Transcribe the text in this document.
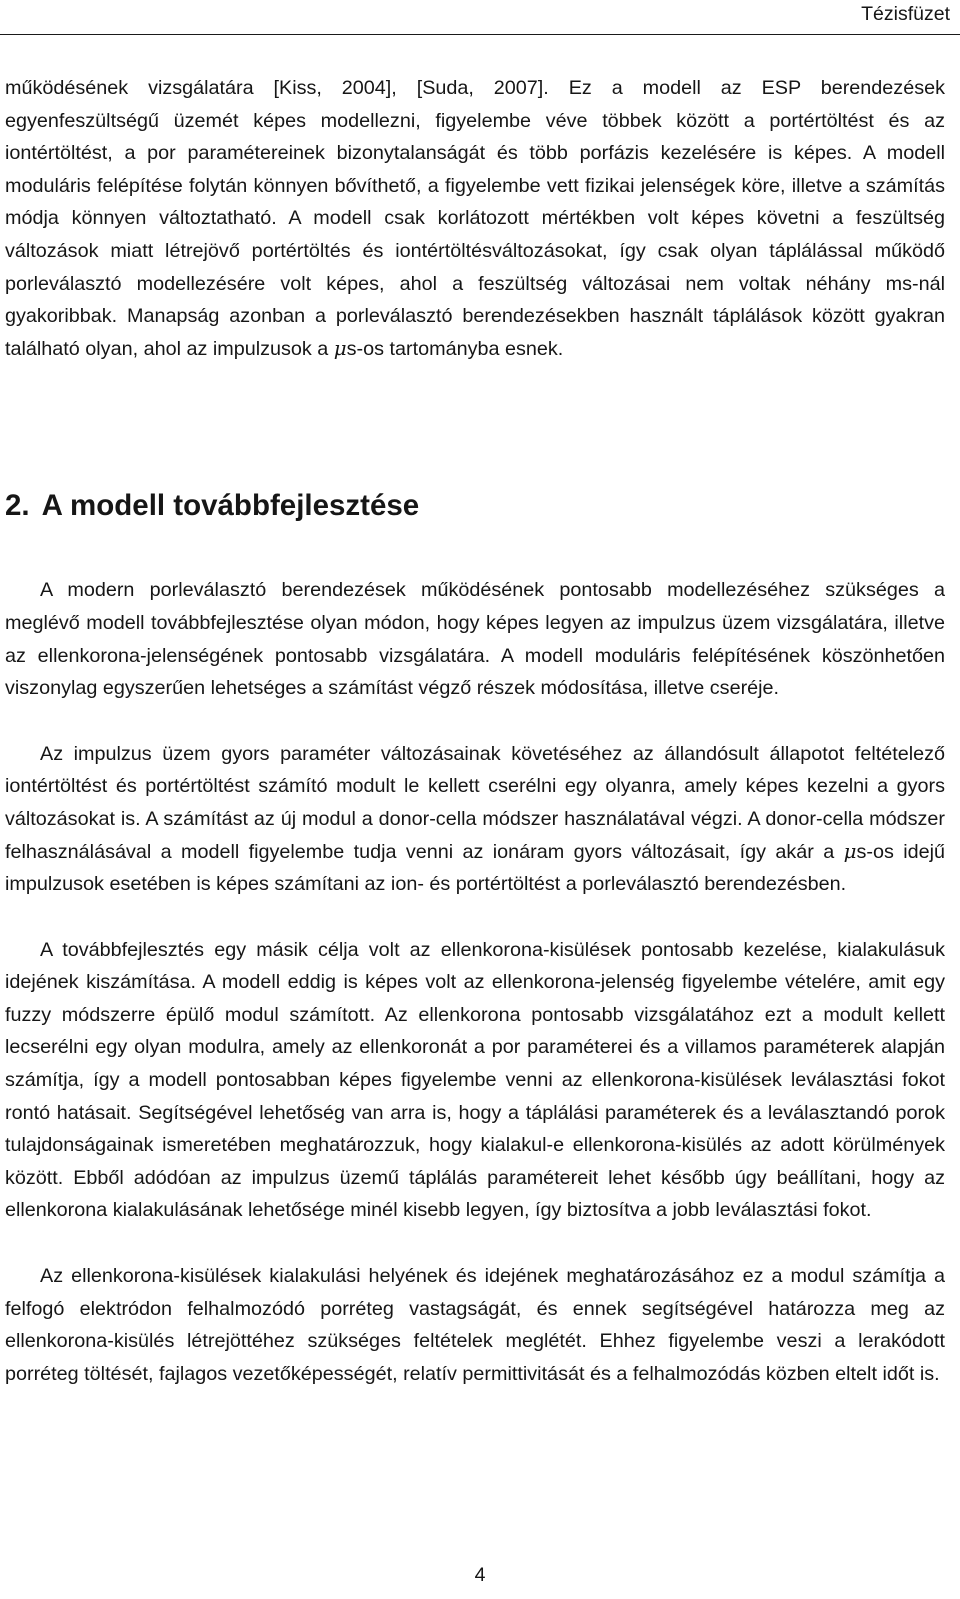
Tézisfüzet

működésének vizsgálatára [Kiss, 2004], [Suda, 2007]. Ez a modell az ESP berendezések egyenfeszültségű üzemét képes modellezni, figyelembe véve többek között a portértöltést és az iontértöltést, a por paramétereinek bizonytalanságát és több porfázis kezelésére is képes. A modell moduláris felépítése folytán könnyen bővíthető, a figyelembe vett fizikai jelenségek köre, illetve a számítás módja könnyen változtatható. A modell csak korlátozott mértékben volt képes követni a feszültség változások miatt létrejövő portértöltés és iontértöltésváltozásokat, így csak olyan táplálással működő porleválasztó modellezésére volt képes, ahol a feszültség változásai nem voltak néhány ms-nál gyakoribbak. Manapság azonban a porleválasztó berendezésekben használt táplálások között gyakran található olyan, ahol az impulzusok a μs-os tartományba esnek.

2. A modell továbbfejlesztése

A modern porleválasztó berendezések működésének pontosabb modellezéséhez szükséges a meglévő modell továbbfejlesztése olyan módon, hogy képes legyen az impulzus üzem vizsgálatára, illetve az ellenkorona-jelenségének pontosabb vizsgálatára. A modell moduláris felépítésének köszönhetően viszonylag egyszerűen lehetséges a számítást végző részek módosítása, illetve cseréje.

Az impulzus üzem gyors paraméter változásainak követéséhez az állandósult állapotot feltételező iontértöltést és portértöltést számító modult le kellett cserélni egy olyanra, amely képes kezelni a gyors változásokat is. A számítást az új modul a donor-cella módszer használatával végzi. A donor-cella módszer felhasználásával a modell figyelembe tudja venni az ionáram gyors változásait, így akár a μs-os idejű impulzusok esetében is képes számítani az ion- és portértöltést a porleválasztó berendezésben.

A továbbfejlesztés egy másik célja volt az ellenkorona-kisülések pontosabb kezelése, kialakulásuk idejének kiszámítása. A modell eddig is képes volt az ellenkorona-jelenség figyelembe vételére, amit egy fuzzy módszerre épülő modul számított. Az ellenkorona pontosabb vizsgálatához ezt a modult kellett lecserélni egy olyan modulra, amely az ellenkoronát a por paraméterei és a villamos paraméterek alapján számítja, így a modell pontosabban képes figyelembe venni az ellenkorona-kisülések leválasztási fokot rontó hatásait. Segítségével lehetőség van arra is, hogy a táplálási paraméterek és a leválasztandó porok tulajdonságainak ismeretében meghatározzuk, hogy kialakul-e ellenkorona-kisülés az adott körülmények között. Ebből adódóan az impulzus üzemű táplálás paramétereit lehet később úgy beállítani, hogy az ellenkorona kialakulásának lehetősége minél kisebb legyen, így biztosítva a jobb leválasztási fokot.

Az ellenkorona-kisülések kialakulási helyének és idejének meghatározásához ez a modul számítja a felfogó elektródon felhalmozódó porréteg vastagságát, és ennek segítségével határozza meg az ellenkorona-kisülés létrejöttéhez szükséges feltételek meglétét. Ehhez figyelembe veszi a lerakódott porréteg töltését, fajlagos vezetőképességét, relatív permittivitását és a felhalmozódás közben eltelt időt is.

4
